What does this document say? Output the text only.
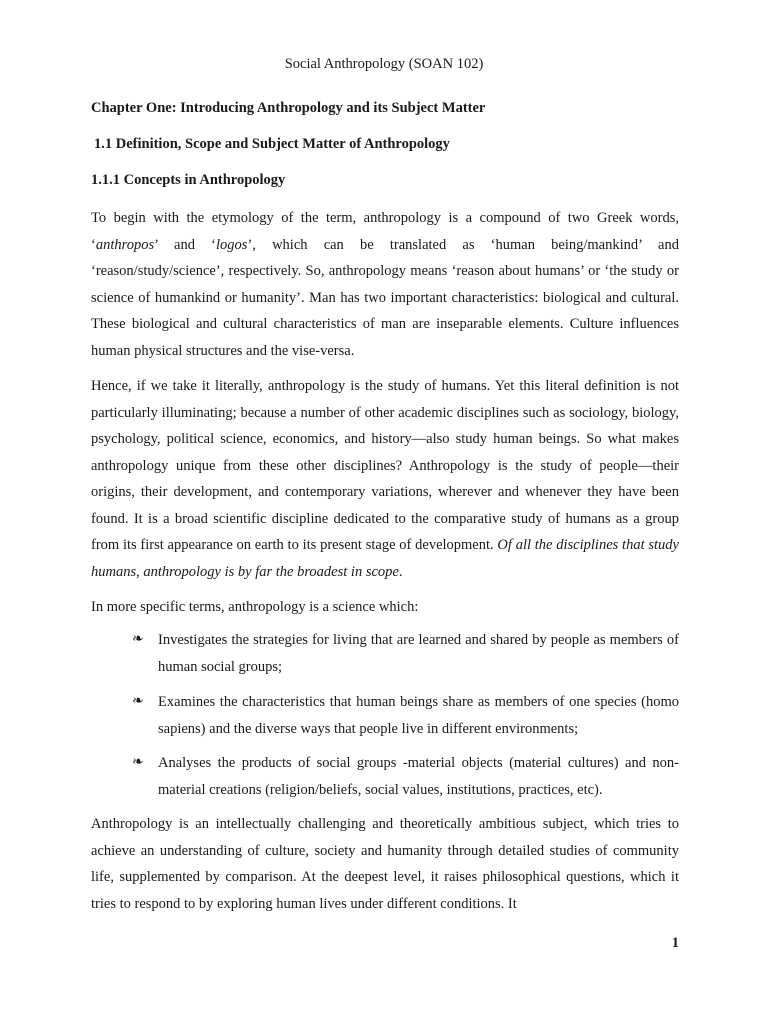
Social Anthropology (SOAN 102)
Chapter One: Introducing Anthropology and its Subject Matter
1.1 Definition, Scope and Subject Matter of Anthropology
1.1.1 Concepts in Anthropology

To begin with the etymology of the term, anthropology is a compound of two Greek words, ‘anthropos’ and ‘logos’, which can be translated as ‘human being/mankind’ and ‘reason/study/science’, respectively. So, anthropology means ‘reason about humans’ or ‘the study or science of humankind or humanity’. Man has two important characteristics: biological and cultural. These biological and cultural characteristics of man are inseparable elements. Culture influences human physical structures and the vise-versa.

Hence, if we take it literally, anthropology is the study of humans. Yet this literal definition is not particularly illuminating; because a number of other academic disciplines such as sociology, biology, psychology, political science, economics, and history—also study human beings. So what makes anthropology unique from these other disciplines? Anthropology is the study of people—their origins, their development, and contemporary variations, wherever and whenever they have been found. It is a broad scientific discipline dedicated to the comparative study of humans as a group from its first appearance on earth to its present stage of development. Of all the disciplines that study humans, anthropology is by far the broadest in scope.

In more specific terms, anthropology is a science which:

❧ Investigates the strategies for living that are learned and shared by people as members of human social groups;
❧ Examines the characteristics that human beings share as members of one species (homo sapiens) and the diverse ways that people live in different environments;
❧ Analyses the products of social groups -material objects (material cultures) and non-material creations (religion/beliefs, social values, institutions, practices, etc).

Anthropology is an intellectually challenging and theoretically ambitious subject, which tries to achieve an understanding of culture, society and humanity through detailed studies of community life, supplemented by comparison. At the deepest level, it raises philosophical questions, which it tries to respond to by exploring human lives under different conditions. It

1
